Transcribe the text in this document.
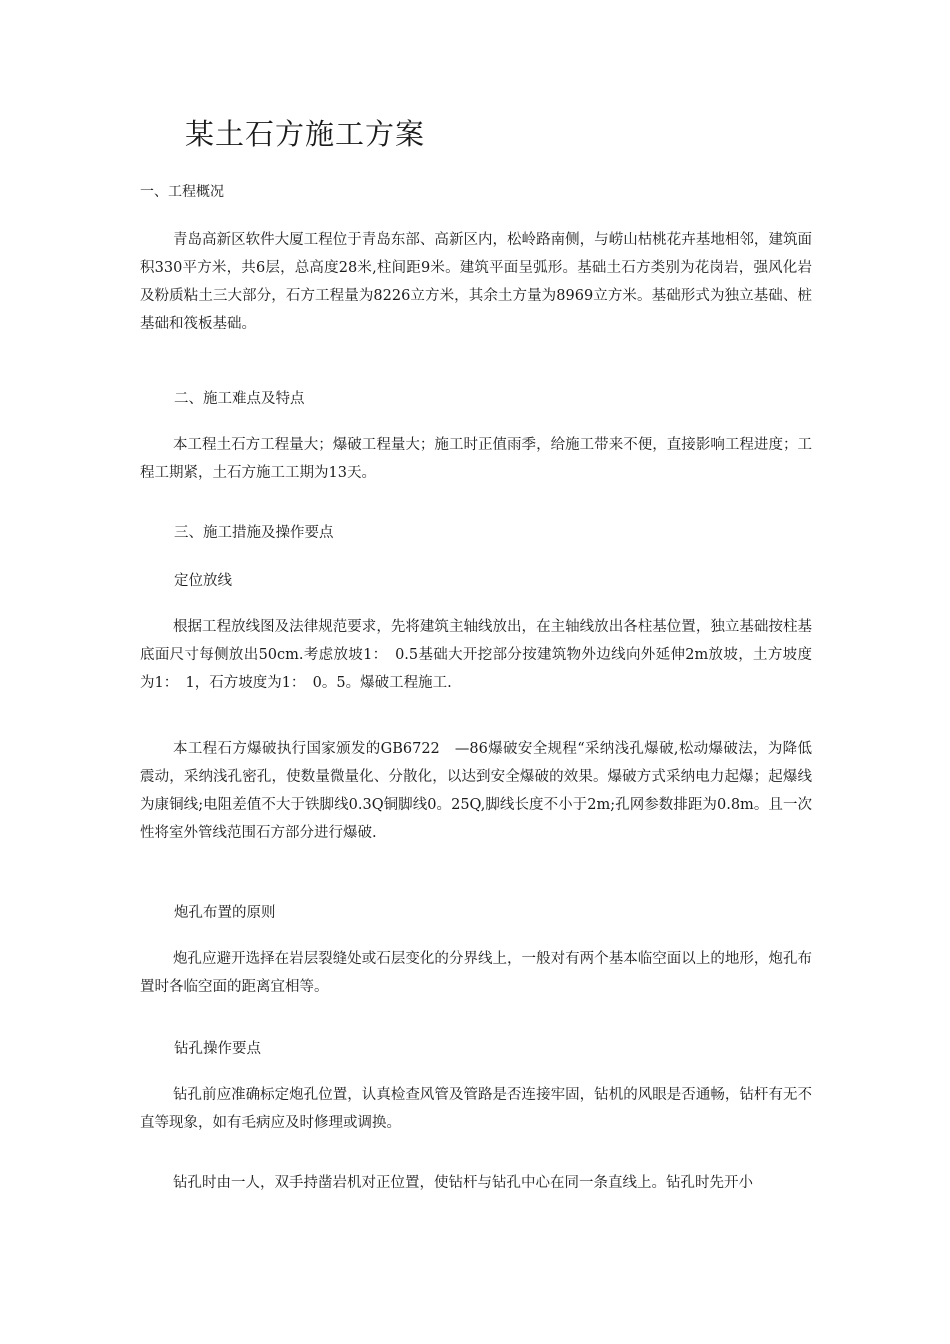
某土石方施工方案
一、工程概况
青岛高新区软件大厦工程位于青岛东部、高新区内，松岭路南侧，与崂山枯桃花卉基地相邻，建筑面积330平方米，共6层，总高度28米,柱间距9米。建筑平面呈弧形。基础土石方类别为花岗岩，强风化岩及粉质粘土三大部分，石方工程量为8226立方米，其余土方量为8969立方米。基础形式为独立基础、桩基础和筏板基础。
二、施工难点及特点
本工程土石方工程量大；爆破工程量大；施工时正值雨季，给施工带来不便，直接影响工程进度；工程工期紧，土石方施工工期为13天。
三、施工措施及操作要点
定位放线
根据工程放线图及法律规范要求，先将建筑主轴线放出，在主轴线放出各柱基位置，独立基础按柱基底面尺寸每侧放出50cm.考虑放坡1：　0.5基础大开挖部分按建筑物外边线向外延伸2m放坡，土方坡度为1：　1，石方坡度为1：　0。5。爆破工程施工.
本工程石方爆破执行国家颁发的GB6722　—86爆破安全规程“采纳浅孔爆破,松动爆破法，为降低震动，采纳浅孔密孔，使数量微量化、分散化，以达到安全爆破的效果。爆破方式采纳电力起爆；起爆线为康铜线;电阻差值不大于铁脚线0.3Q铜脚线0。25Q,脚线长度不小于2m;孔网参数排距为0.8m。且一次性将室外管线范围石方部分进行爆破.
炮孔布置的原则
炮孔应避开选择在岩层裂缝处或石层变化的分界线上，一般对有两个基本临空面以上的地形，炮孔布置时各临空面的距离宜相等。
钻孔操作要点
钻孔前应准确标定炮孔位置，认真检查风管及管路是否连接牢固，钻机的风眼是否通畅，钻杆有无不直等现象，如有毛病应及时修理或调换。
钻孔时由一人，双手持凿岩机对正位置，使钻杆与钻孔中心在同一条直线上。钻孔时先开小
